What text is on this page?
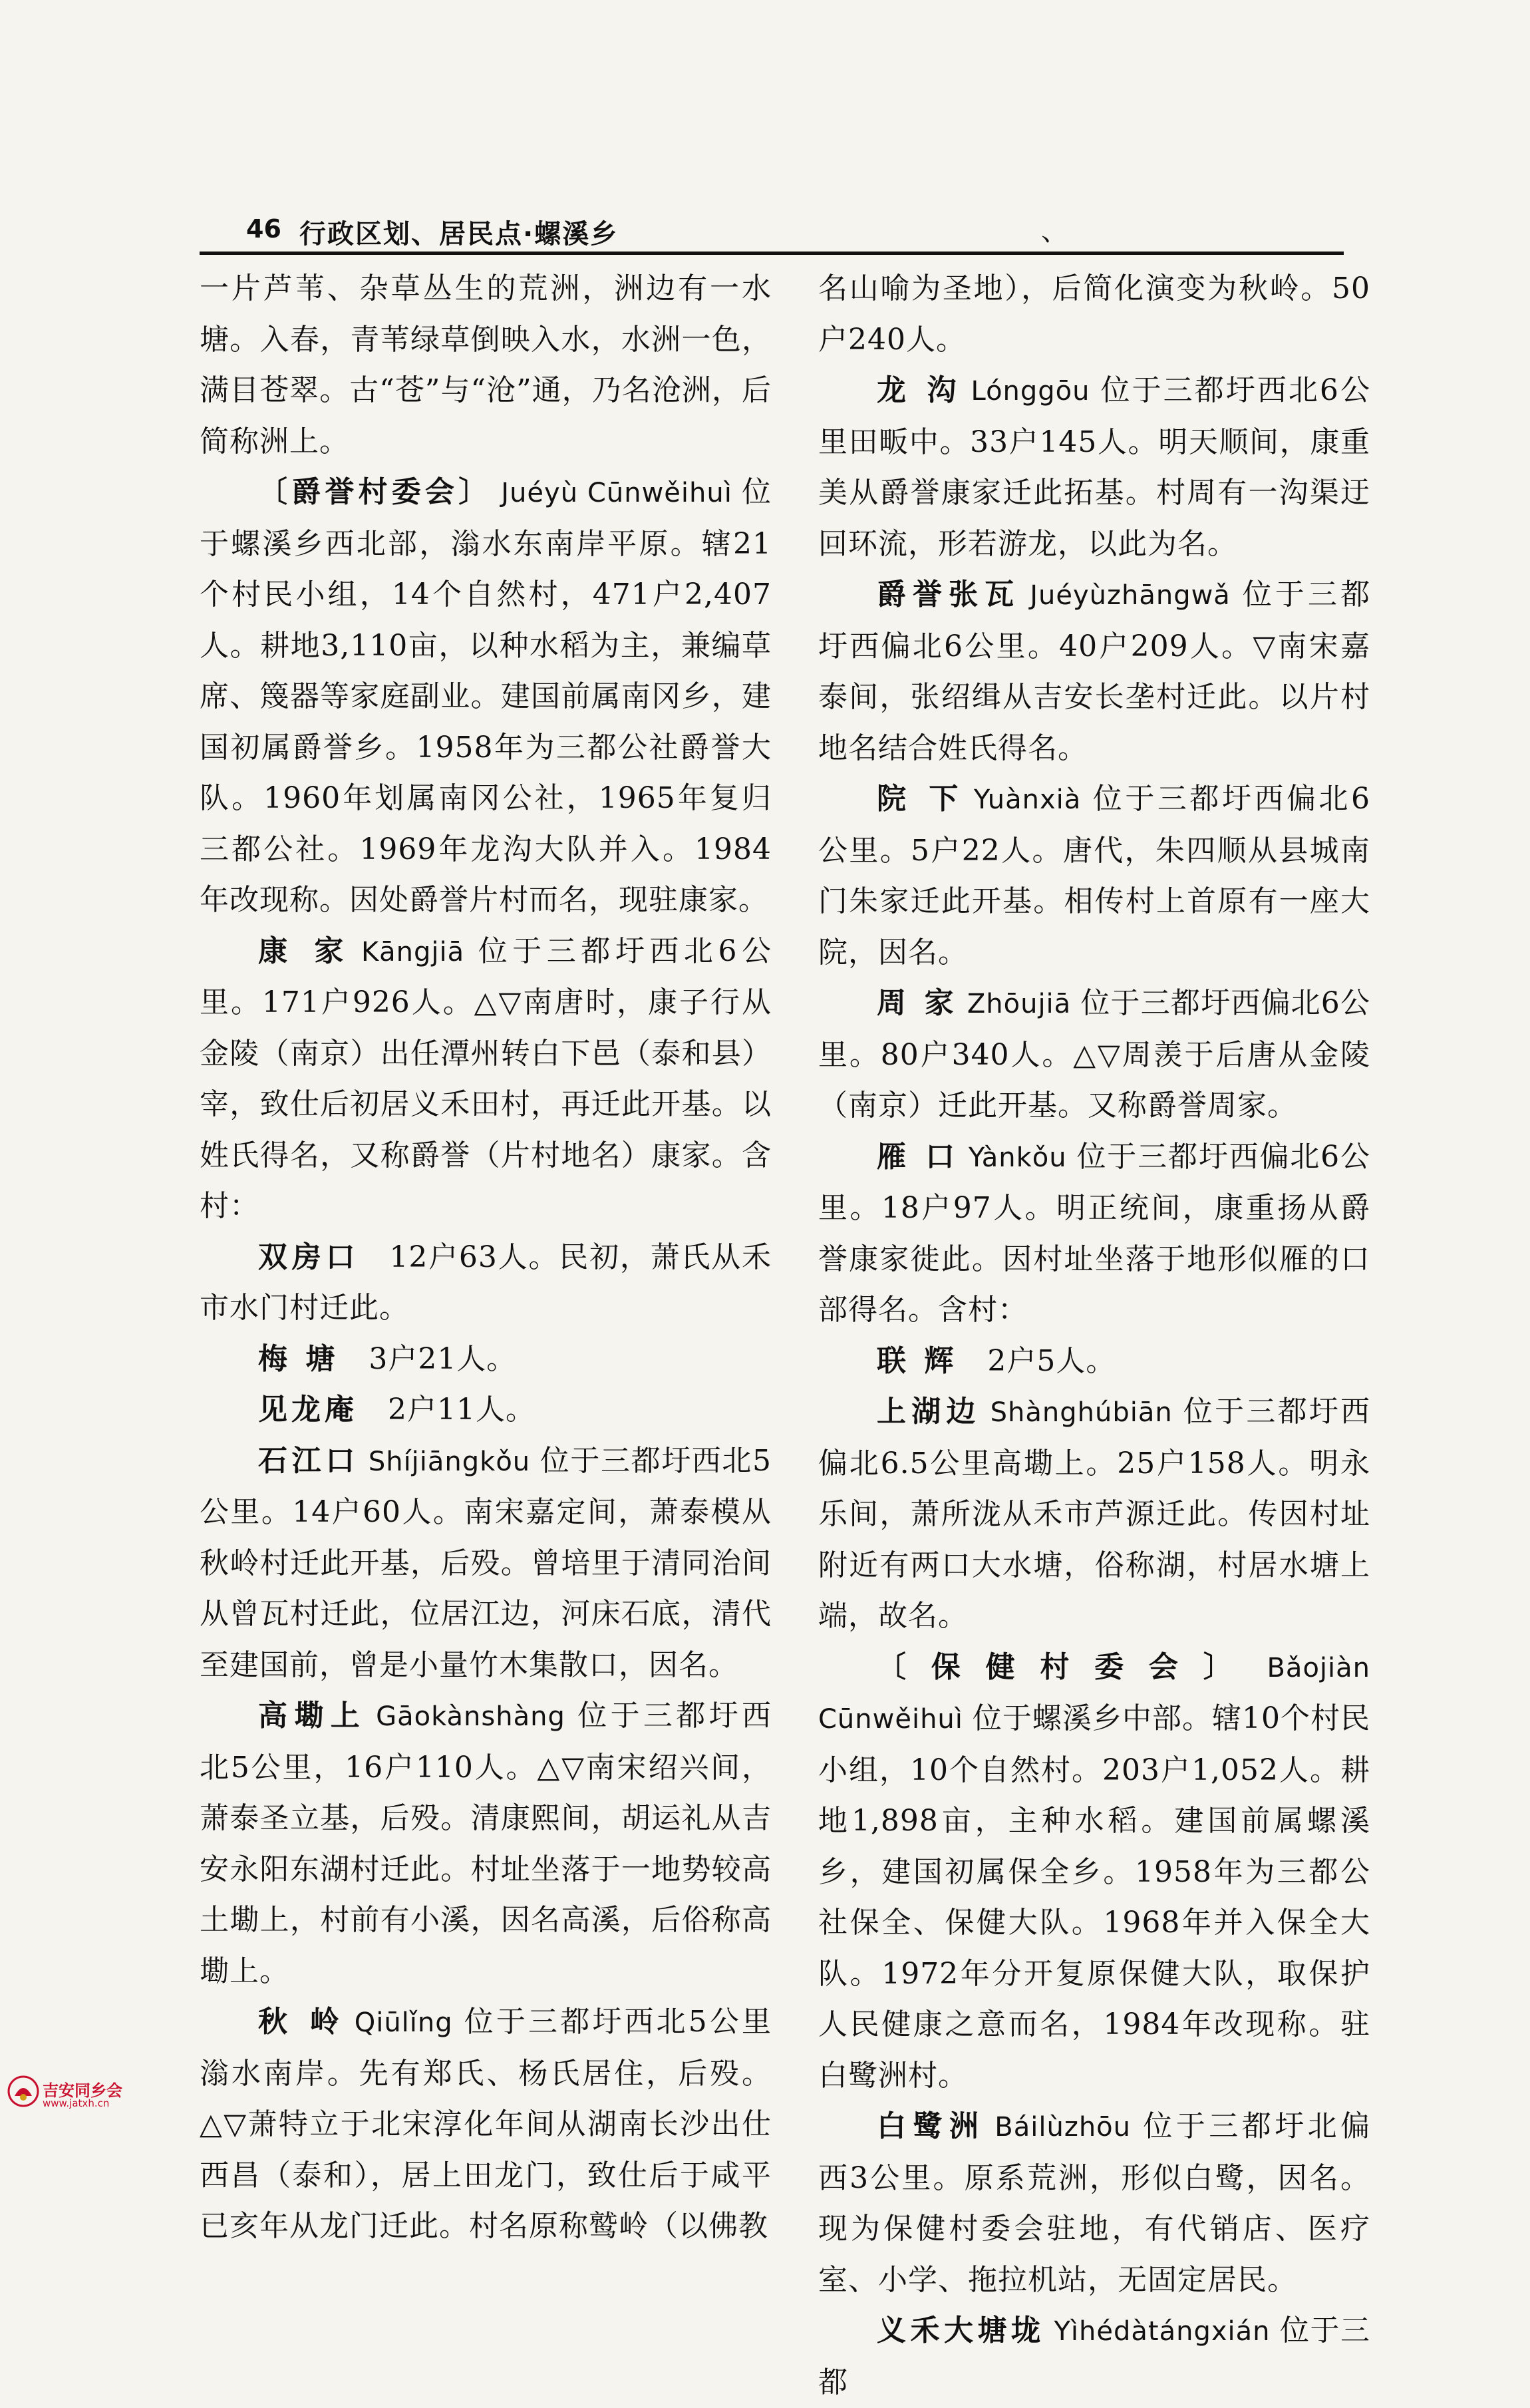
46 行政区划、居民点·螺溪乡	、

一片芦苇、杂草丛生的荒洲，洲边有一水塘。入春，青苇绿草倒映入水，水洲一色，满目苍翠。古“苍”与“沧”通，乃名沧洲，后简称洲上。

〔爵誉村委会〕 Juéyù Cūnwěihuì 位于螺溪乡西北部，滃水东南岸平原。辖21个村民小组，14个自然村，471户2,407人。耕地3,110亩，以种水稻为主，兼编草席、篾器等家庭副业。建国前属南冈乡，建国初属爵誉乡。1958年为三都公社爵誉大队。1960年划属南冈公社，1965年复归三都公社。1969年龙沟大队并入。1984年改现称。因处爵誉片村而名，现驻康家。

康 家 Kāngjiā 位于三都圩西北6公里。171户926人。△▽南唐时，康子行从金陵（南京）出任潭州转白下邑（泰和县）宰，致仕后初居义禾田村，再迁此开基。以姓氏得名，又称爵誉（片村地名）康家。含村：

双房口  12户63人。民初，萧氏从禾市水门村迁此。

梅 塘  3户21人。

见龙庵  2户11人。

石江口 Shíjiāngkǒu 位于三都圩西北5公里。14户60人。南宋嘉定间，萧泰模从秋岭村迁此开基，后殁。曾培里于清同治间从曾瓦村迁此，位居江边，河床石底，清代至建国前，曾是小量竹木集散口，因名。

高墈上 Gāokànshàng 位于三都圩西北5公里，16户110人。△▽南宋绍兴间，萧泰圣立基，后殁。清康熙间，胡运礼从吉安永阳东湖村迁此。村址坐落于一地势较高土墈上，村前有小溪，因名高溪，后俗称高墈上。

秋 岭 Qiūlǐng 位于三都圩西北5公里滃水南岸。先有郑氏、杨氏居住，后殁。△▽萧特立于北宋淳化年间从湖南长沙出仕西昌（泰和），居上田龙门，致仕后于咸平已亥年从龙门迁此。村名原称鹫岭（以佛教

名山喻为圣地），后简化演变为秋岭。50户240人。

龙 沟 Lónggōu 位于三都圩西北6公里田畈中。33户145人。明天顺间，康重美从爵誉康家迁此拓基。村周有一沟渠迂回环流，形若游龙，以此为名。

爵誉张瓦 Juéyùzhāngwǎ 位于三都圩西偏北6公里。40户209人。▽南宋嘉泰间，张绍缉从吉安长垄村迁此。以片村地名结合姓氏得名。

院 下 Yuànxià 位于三都圩西偏北6公里。5户22人。唐代，朱四顺从县城南门朱家迁此开基。相传村上首原有一座大院，因名。

周 家 Zhōujiā 位于三都圩西偏北6公里。80户340人。△▽周羡于后唐从金陵（南京）迁此开基。又称爵誉周家。

雁 口 Yànkǒu 位于三都圩西偏北6公里。18户97人。明正统间，康重扬从爵誉康家徙此。因村址坐落于地形似雁的口部得名。含村：

联 辉  2户5人。

上湖边 Shànghúbiān 位于三都圩西偏北6.5公里高墈上。25户158人。明永乐间，萧所泷从禾市芦源迁此。传因村址附近有两口大水塘，俗称湖，村居水塘上端，故名。

〔保健村委会〕 Bǎojiàn Cūnwěihuì 位于螺溪乡中部。辖10个村民小组，10个自然村。203户1,052人。耕地1,898亩，主种水稻。建国前属螺溪乡，建国初属保全乡。1958年为三都公社保全、保健大队。1968年并入保全大队。1972年分开复原保健大队，取保护人民健康之意而名，1984年改现称。驻白鹭洲村。

白鹭洲 Báilùzhōu 位于三都圩北偏西3公里。原系荒洲，形似白鹭，因名。现为保健村委会驻地，有代销店、医疗室、小学、拖拉机站，无固定居民。

义禾大塘垅 Yìhédàtángxián 位于三都

吉安同乡会
www.jatxh.cn
